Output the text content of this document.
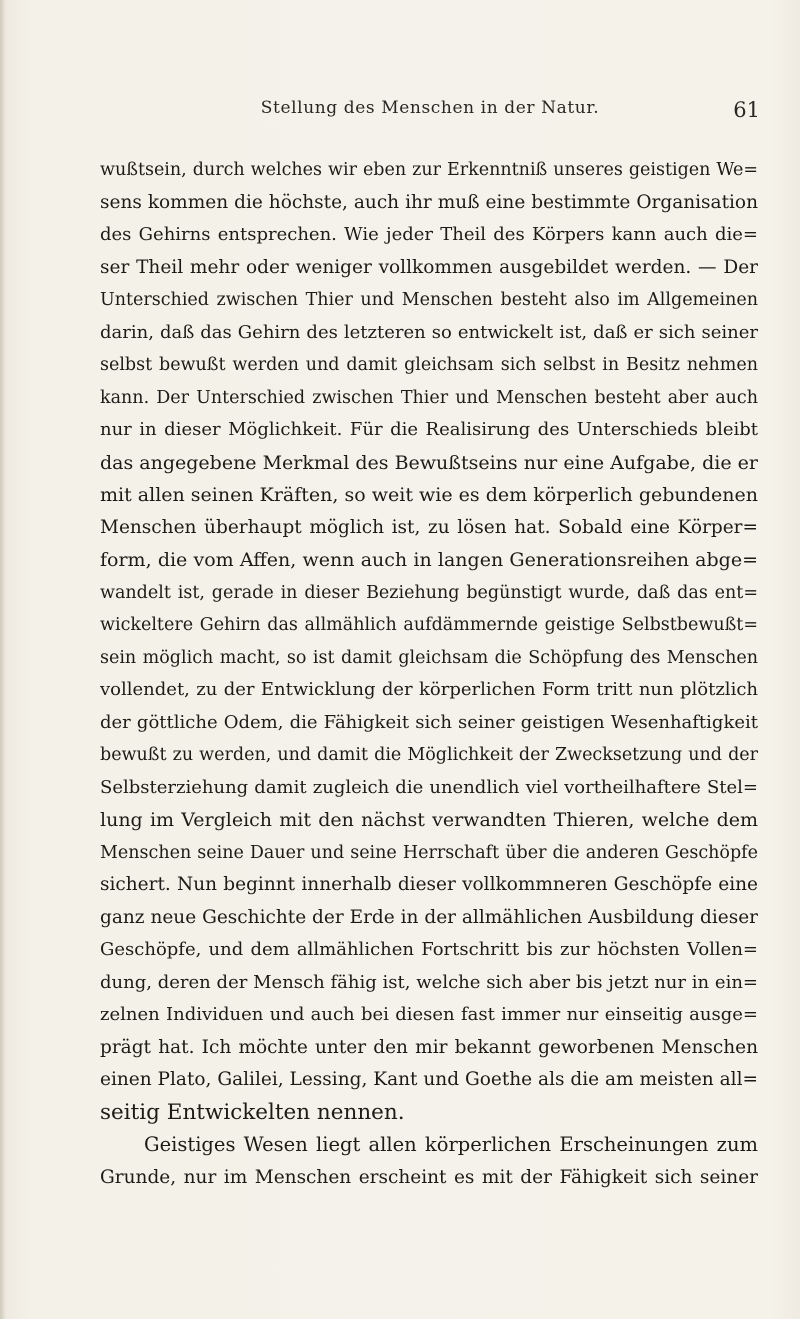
Stellung des Menschen in der Natur.	61
wußtsein, durch welches wir eben zur Erkenntniß unseres geistigen We=
sens kommen die höchste, auch ihr muß eine bestimmte Organisation
des Gehirns entsprechen. Wie jeder Theil des Körpers kann auch die=
ser Theil mehr oder weniger vollkommen ausgebildet werden. — Der
Unterschied zwischen Thier und Menschen besteht also im Allgemeinen
darin, daß das Gehirn des letzteren so entwickelt ist, daß er sich seiner
selbst bewußt werden und damit gleichsam sich selbst in Besitz nehmen
kann. Der Unterschied zwischen Thier und Menschen besteht aber auch
nur in dieser Möglichkeit. Für die Realisirung des Unterschieds bleibt
das angegebene Merkmal des Bewußtseins nur eine Aufgabe, die er
mit allen seinen Kräften, so weit wie es dem körperlich gebundenen
Menschen überhaupt möglich ist, zu lösen hat. Sobald eine Körper=
form, die vom Affen, wenn auch in langen Generationsreihen abge=
wandelt ist, gerade in dieser Beziehung begünstigt wurde, daß das ent=
wickeltere Gehirn das allmählich aufdämmernde geistige Selbstbewußt=
sein möglich macht, so ist damit gleichsam die Schöpfung des Menschen
vollendet, zu der Entwicklung der körperlichen Form tritt nun plötzlich
der göttliche Odem, die Fähigkeit sich seiner geistigen Wesenhaftigkeit
bewußt zu werden, und damit die Möglichkeit der Zwecksetzung und der
Selbsterziehung damit zugleich die unendlich viel vortheilhaftere Stel=
lung im Vergleich mit den nächst verwandten Thieren, welche dem
Menschen seine Dauer und seine Herrschaft über die anderen Geschöpfe
sichert. Nun beginnt innerhalb dieser vollkommneren Geschöpfe eine
ganz neue Geschichte der Erde in der allmählichen Ausbildung dieser
Geschöpfe, und dem allmählichen Fortschritt bis zur höchsten Vollen=
dung, deren der Mensch fähig ist, welche sich aber bis jetzt nur in ein=
zelnen Individuen und auch bei diesen fast immer nur einseitig ausge=
prägt hat. Ich möchte unter den mir bekannt geworbenen Menschen
einen Plato, Galilei, Lessing, Kant und Goethe als die am meisten all=
seitig Entwickelten nennen.
Geistiges Wesen liegt allen körperlichen Erscheinungen zum
Grunde, nur im Menschen erscheint es mit der Fähigkeit sich seiner
